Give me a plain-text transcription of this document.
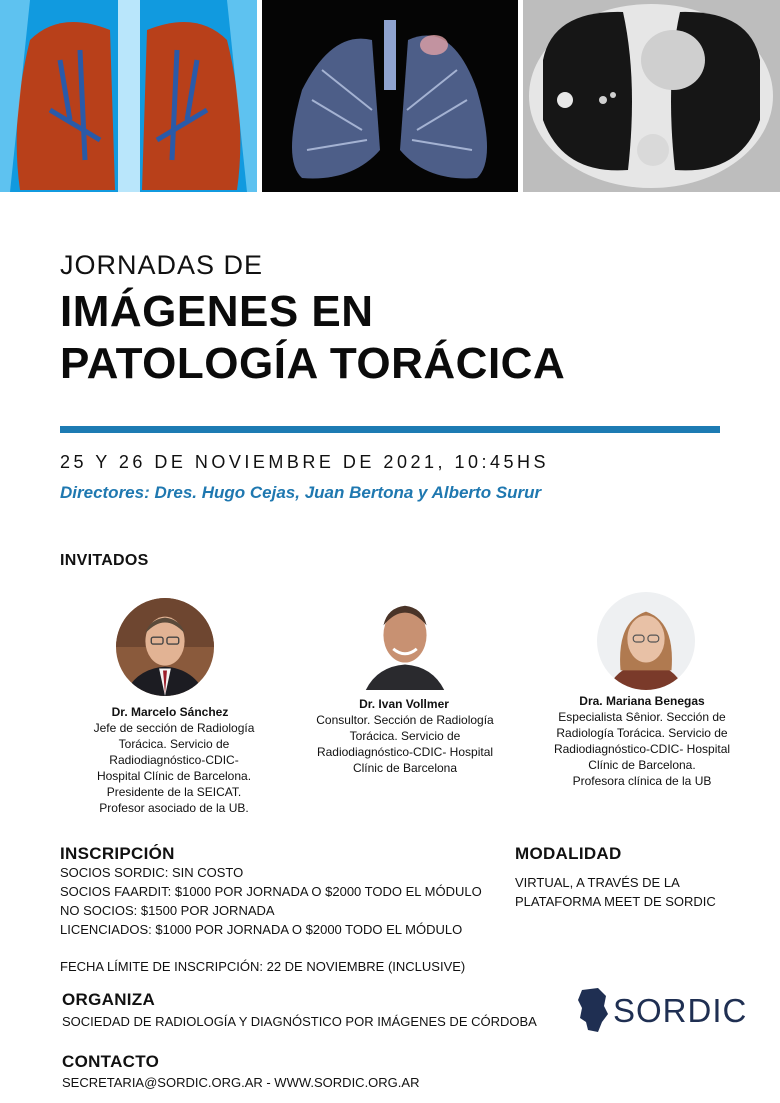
JORNADAS DE
IMÁGENES EN
PATOLOGÍA TORÁCICA
25 Y 26 DE NOVIEMBRE DE 2021, 10:45HS
Directores: Dres. Hugo Cejas, Juan Bertona y Alberto Surur
INVITADOS
Dr. Marcelo Sánchez
Jefe de sección de Radiología
Torácica. Servicio de
Radiodiagnóstico-CDIC-
Hospital Clínic de Barcelona.
Presidente de la SEICAT.
Profesor asociado de la UB.
Dr. Ivan Vollmer
Consultor. Sección de Radiología
Torácica. Servicio de
Radiodiagnóstico-CDIC- Hospital
Clínic de Barcelona
Dra. Mariana Benegas
Especialista Sênior. Sección de
Radiología Torácica. Servicio de
Radiodiagnóstico-CDIC- Hospital
Clínic de Barcelona.
Profesora clínica de la UB
INSCRIPCIÓN
SOCIOS SORDIC: SIN COSTO
SOCIOS FAARDIT: $1000 POR JORNADA O $2000 TODO EL MÓDULO
NO SOCIOS: $1500 POR JORNADA
LICENCIADOS: $1000 POR JORNADA O $2000 TODO EL MÓDULO
FECHA LÍMITE DE INSCRIPCIÓN: 22 DE NOVIEMBRE (INCLUSIVE)
MODALIDAD
VIRTUAL, A TRAVÉS DE LA
PLATAFORMA MEET DE SORDIC
ORGANIZA
SOCIEDAD DE RADIOLOGÍA Y DIAGNÓSTICO POR IMÁGENES DE CÓRDOBA SORDIC
CONTACTO
SECRETARIA@SORDIC.ORG.AR - WWW.SORDIC.ORG.AR
